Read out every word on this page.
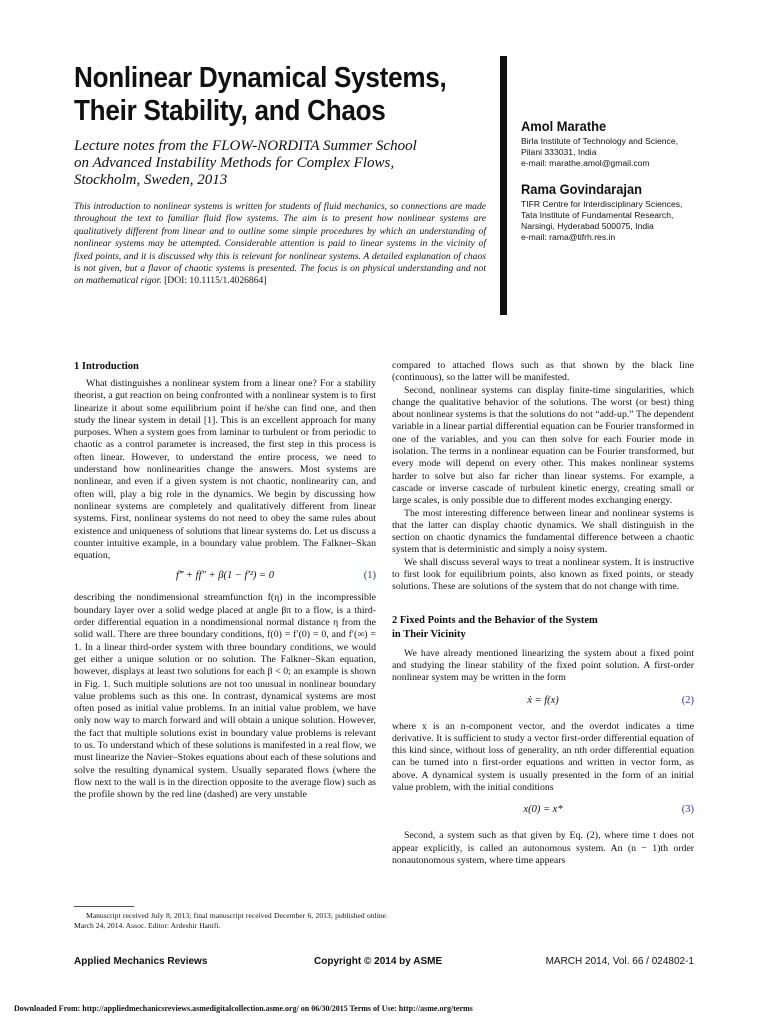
Nonlinear Dynamical Systems,
Their Stability, and Chaos
Lecture notes from the FLOW-NORDITA Summer School
on Advanced Instability Methods for Complex Flows,
Stockholm, Sweden, 2013
This introduction to nonlinear systems is written for students of fluid mechanics, so connections are made throughout the text to familiar fluid flow systems. The aim is to present how nonlinear systems are qualitatively different from linear and to outline some simple procedures by which an understanding of nonlinear systems may be attempted. Considerable attention is paid to linear systems in the vicinity of fixed points, and it is discussed why this is relevant for nonlinear systems. A detailed explanation of chaos is not given, but a flavor of chaotic systems is presented. The focus is on physical understanding and not on mathematical rigor. [DOI: 10.1115/1.4026864]
Amol Marathe
Birla Institute of Technology and Science,
Pilani 333031, India
e-mail: marathe.amol@gmail.com
Rama Govindarajan
TIFR Centre for Interdisciplinary Sciences,
Tata Institute of Fundamental Research,
Narsingi, Hyderabad 500075, India
e-mail: rama@tifrh.res.in
1 Introduction

What distinguishes a nonlinear system from a linear one? For a stability theorist, a gut reaction on being confronted with a nonlinear system is to first linearize it about some equilibrium point if he/she can find one, and then study the linear system in detail [1]. This is an excellent approach for many purposes. When a system goes from laminar to turbulent or from periodic to chaotic as a control parameter is increased, the first step in this process is often linear. However, to understand the entire process, we need to understand how nonlinearities change the answers. Most systems are nonlinear, and even if a given system is not chaotic, nonlinearity can, and often will, play a big role in the dynamics. We begin by discussing how nonlinear systems are completely and qualitatively different from linear systems. First, nonlinear systems do not need to obey the same rules about existence and uniqueness of solutions that linear systems do. Let us discuss a counter intuitive example, in a boundary value problem. The Falkner–Skan equation,

f‴ + ff″ + β(1 − f′²) = 0	(1)

describing the nondimensional streamfunction f(η) in the incompressible boundary layer over a solid wedge placed at angle βπ to a flow, is a third-order differential equation in a nondimensional normal distance η from the solid wall. There are three boundary conditions, f(0) = f′(0) = 0, and f′(∞) = 1. In a linear third-order system with three boundary conditions, we would get either a unique solution or no solution. The Falkner–Skan equation, however, displays at least two solutions for each β < 0; an example is shown in Fig. 1. Such multiple solutions are not too unusual in nonlinear boundary value problems such as this one. In contrast, dynamical systems are most often posed as initial value problems. In an initial value problem, we have only now way to march forward and will obtain a unique solution. However, the fact that multiple solutions exist in boundary value problems is relevant to us. To understand which of these solutions is manifested in a real flow, we must linearize the Navier–Stokes equations about each of these solutions and solve the resulting dynamical system. Usually separated flows (where the flow next to the wall is in the direction opposite to the average flow) such as the profile shown by the red line (dashed) are very unstable

Manuscript received July 8, 2013; final manuscript received December 6, 2013; published online March 24, 2014. Assoc. Editor: Ardeshir Hanifi.

compared to attached flows such as that shown by the black line (continuous), so the latter will be manifested.

Second, nonlinear systems can display finite-time singularities, which change the qualitative behavior of the solutions. The worst (or best) thing about nonlinear systems is that the solutions do not “add-up.” The dependent variable in a linear partial differential equation can be Fourier transformed in one of the variables, and you can then solve for each Fourier mode in isolation. The terms in a nonlinear equation can be Fourier transformed, but every mode will depend on every other. This makes nonlinear systems harder to solve but also far richer than linear systems. For example, a cascade or inverse cascade of turbulent kinetic energy, creating small or large scales, is only possible due to different modes exchanging energy.

The most interesting difference between linear and nonlinear systems is that the latter can display chaotic dynamics. We shall distinguish in the section on chaotic dynamics the fundamental difference between a chaotic system that is deterministic and simply a noisy system.

We shall discuss several ways to treat a nonlinear system. It is instructive to first look for equilibrium points, also known as fixed points, or steady solutions. These are solutions of the system that do not change with time.

2 Fixed Points and the Behavior of the System
in Their Vicinity

We have already mentioned linearizing the system about a fixed point and studying the linear stability of the fixed point solution. A first-order nonlinear system may be written in the form

ẋ = f(x)	(2)

where x is an n-component vector, and the overdot indicates a time derivative. It is sufficient to study a vector first-order differential equation of this kind since, without loss of generality, an nth order differential equation can be turned into n first-order equations and written in vector form, as above. A dynamical system is usually presented in the form of an initial value problem, with the initial conditions

x(0) = x*	(3)

Second, a system such as that given by Eq. (2), where time t does not appear explicitly, is called an autonomous system. An (n − 1)th order nonautonomous system, where time appears

Applied Mechanics Reviews	Copyright © 2014 by ASME	MARCH 2014, Vol. 66 / 024802-1
Downloaded From: http://appliedmechanicsreviews.asmedigitalcollection.asme.org/ on 06/30/2015 Terms of Use: http://asme.org/terms
